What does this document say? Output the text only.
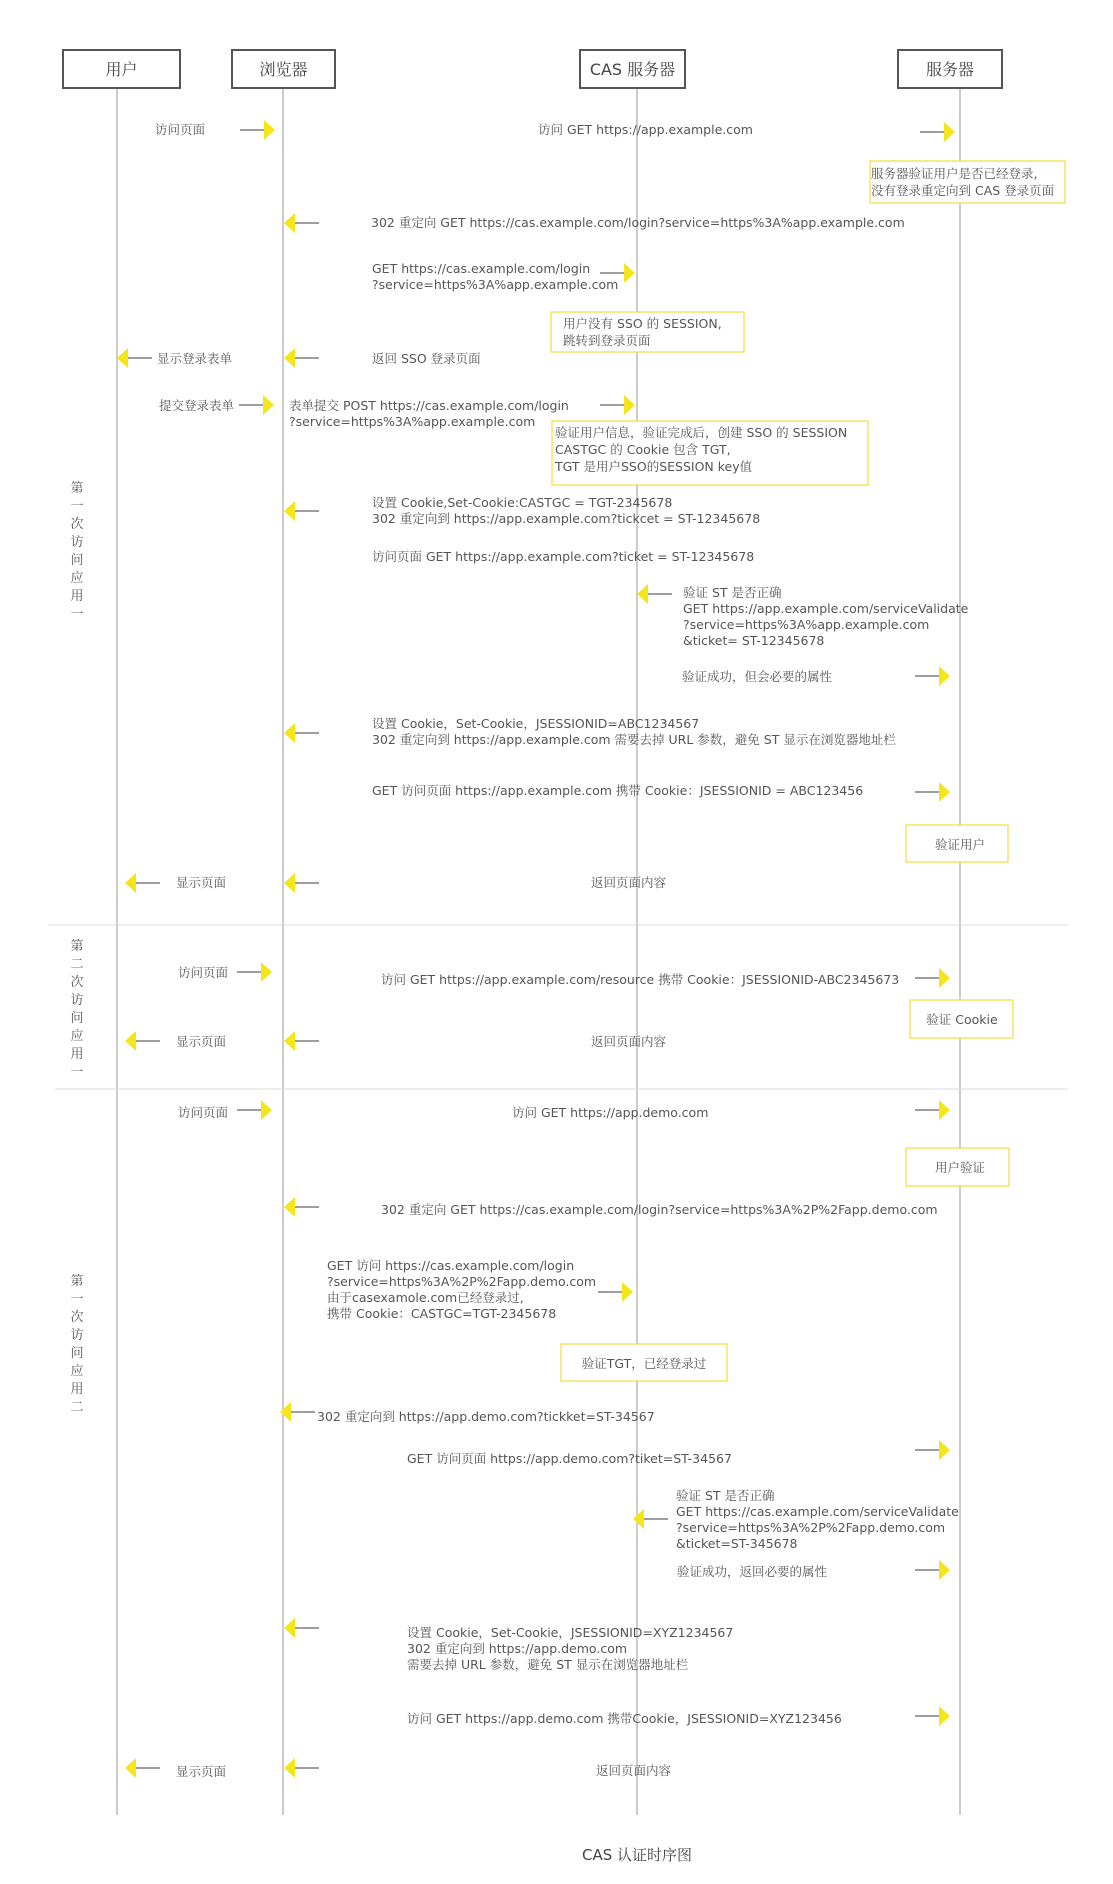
用户	浏览器	CAS 服务器	服务器
第一次访问应用一
第二次访问应用一
第一次访问应用二
服务器验证用户是否已经登录,没有登录重定向到 CAS 登录页面
用户没有 SSO 的 SESSION,跳转到登录页面
验证用户信息，验证完成后，创建 SSO 的 SESSION CASTGC 的 Cookie 包含 TGT, TGT 是用户SSO的SESSION key值
验证用户
验证 Cookie
用户验证
验证TGT，已经登录过
访问页面	访问 GET https://app.example.com
302 重定向 GET https://cas.example.com/login?service=https%3A%app.example.com
GET https://cas.example.com/login ?service=https%3A%app.example.com
返回 SSO 登录页面
显示登录表单
提交登录表单	表单提交 POST https://cas.example.com/login ?service=https%3A%app.example.com
设置 Cookie,Set-Cookie:CASTGC = TGT-2345678 302 重定向到 https://app.example.com?tickcet = ST-12345678
访问页面 GET https://app.example.com?ticket = ST-12345678
验证 ST 是否正确 GET https://app.example.com/serviceValidate ?service=https%3A%app.example.com &ticket= ST-12345678
验证成功，但会必要的属性
设置 Cookie，Set-Cookie，JSESSIONID=ABC1234567 302 重定向到 https://app.example.com 需要去掉 URL 参数，避免 ST 显示在浏览器地址栏
GET 访问页面 https://app.example.com 携带 Cookie：JSESSIONID = ABC123456
返回页面内容
显示页面
访问页面	访问 GET https://app.example.com/resource 携带 Cookie：JSESSIONID-ABC2345673
返回页面内容
显示页面
访问页面	访问 GET https://app.demo.com
302 重定向 GET https://cas.example.com/login?service=https%3A%2P%2Fapp.demo.com
GET 访问 https://cas.example.com/login ?service=https%3A%2P%2Fapp.demo.com 由于casexamole.com已经登录过,携带 Cookie：CASTGC=TGT-2345678
302 重定向到 https://app.demo.com?tickket=ST-34567
GET 访问页面 https://app.demo.com?tiket=ST-34567
验证 ST 是否正确 GET https://cas.example.com/serviceValidate ?service=https%3A%2P%2Fapp.demo.com &ticket=ST-345678
验证成功，返回必要的属性
设置 Cookie，Set-Cookie，JSESSIONID=XYZ1234567 302 重定向到 https://app.demo.com 需要去掉 URL 参数，避免 ST 显示在浏览器地址栏
访问 GET https://app.demo.com 携带Cookie，JSESSIONID=XYZ123456
返回页面内容
显示页面
CAS 认证时序图
